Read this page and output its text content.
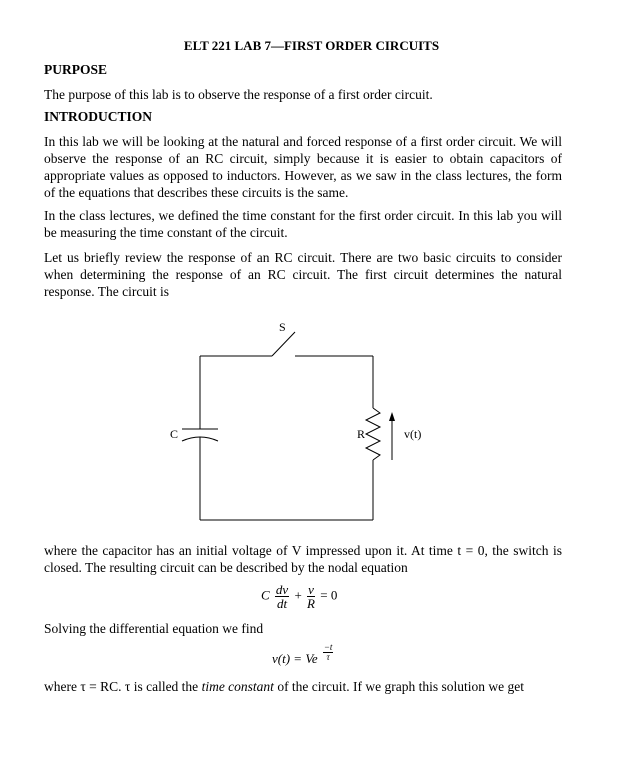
ELT 221 LAB 7—FIRST ORDER CIRCUITS
PURPOSE
The purpose of this lab is to observe the response of a first order circuit.
INTRODUCTION
In this lab we will be looking at the natural and forced response of a first order circuit. We will observe the response of an RC circuit, simply because it is easier to obtain capacitors of appropriate values as opposed to inductors. However, as we saw in the class lectures, the form of the equations that describes these circuits is the same.
In the class lectures, we defined the time constant for the first order circuit. In this lab you will be measuring the time constant of the circuit.
Let us briefly review the response of an RC circuit. There are two basic circuits to consider when determining the response of an RC circuit. The first circuit determines the natural response. The circuit is
S
C	R	v(t)
where the capacitor has an initial voltage of V impressed upon it. At time t = 0, the switch is closed. The resulting circuit can be described by the nodal equation
C $\frac{dv}{dt} + \frac{v}{R} = 0$
Solving the differential equation we find
v(t) = Ve $\frac{-t}{\tau}$
where τ = RC. τ is called the time constant of the circuit. If we graph this solution we get
